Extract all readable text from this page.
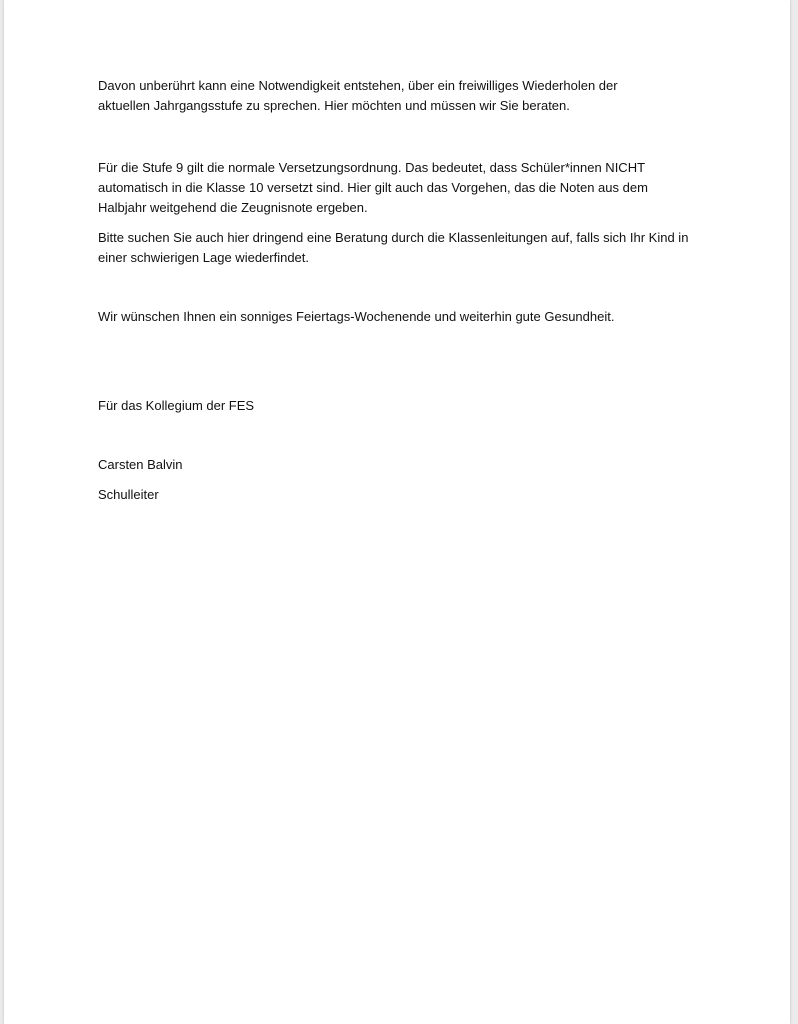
Davon unberührt kann eine Notwendigkeit entstehen, über ein freiwilliges Wiederholen der
aktuellen Jahrgangsstufe zu sprechen. Hier möchten und müssen wir Sie beraten.

Für die Stufe 9 gilt die normale Versetzungsordnung. Das bedeutet, dass Schüler*innen NICHT
automatisch in die Klasse 10 versetzt sind. Hier gilt auch das Vorgehen, das die Noten aus dem
Halbjahr weitgehend die Zeugnisnote ergeben.

Bitte suchen Sie auch hier dringend eine Beratung durch die Klassenleitungen auf, falls sich Ihr Kind in
einer schwierigen Lage wiederfindet.

Wir wünschen Ihnen ein sonniges Feiertags-Wochenende und weiterhin gute Gesundheit.

Für das Kollegium der FES

Carsten Balvin

Schulleiter
